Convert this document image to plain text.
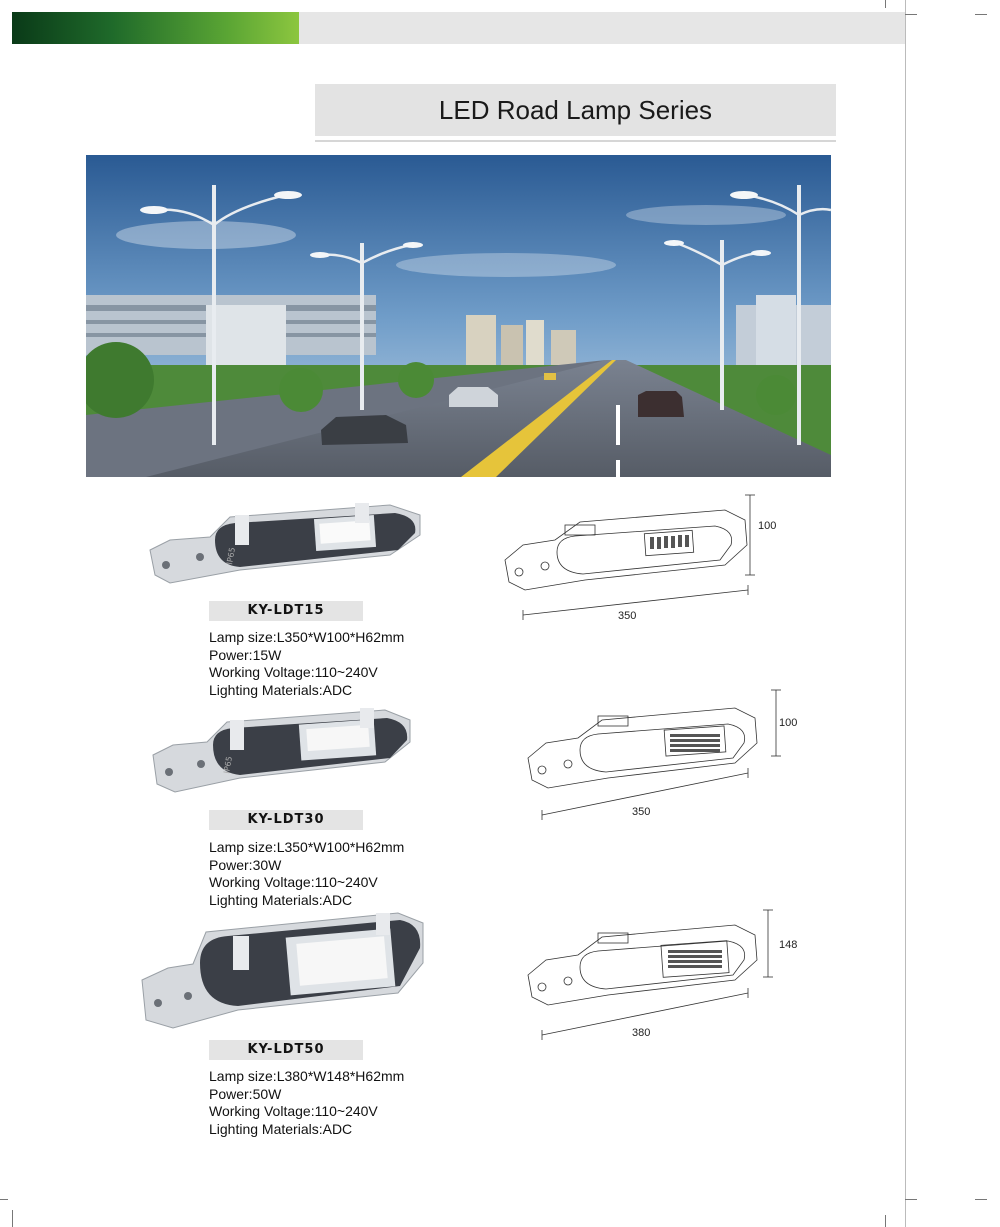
LED Road Lamp Series
IP65
KY-LDT15
Lamp size:L350*W100*H62mm
Power:15W
Working Voltage:110~240V
Lighting Materials:ADC
100
350
IP65
KY-LDT30
Lamp size:L350*W100*H62mm
Power:30W
Working Voltage:110~240V
Lighting Materials:ADC
100
350
KY-LDT50
Lamp size:L380*W148*H62mm
Power:50W
Working Voltage:110~240V
Lighting Materials:ADC
148
380
